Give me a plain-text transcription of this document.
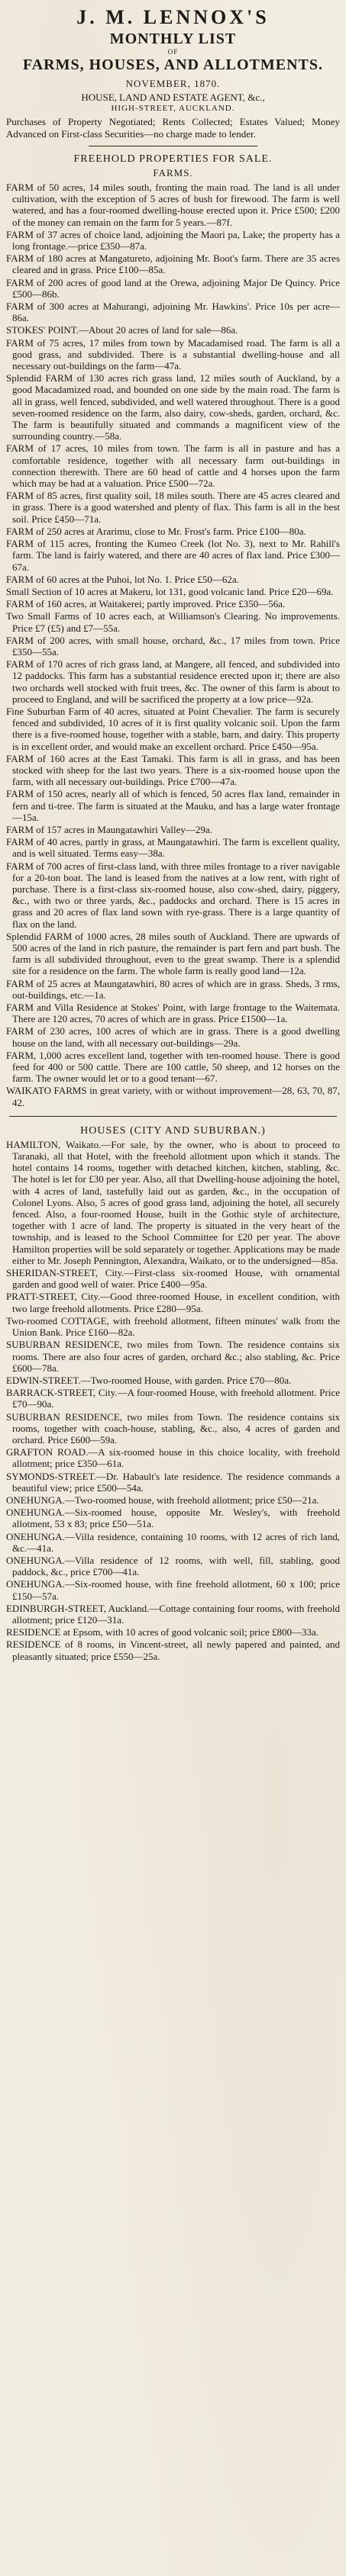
J. M. LENNOX'S
MONTHLY LIST
OF
FARMS, HOUSES, AND ALLOTMENTS.
NOVEMBER, 1870.
HOUSE, LAND AND ESTATE AGENT, &c.,
HIGH-STREET, AUCKLAND.

Purchases of Property Negotiated; Rents Collected; Estates Valued; Money Advanced on First-class Securities—no charge made to lender.

FREEHOLD PROPERTIES FOR SALE.
FARMS.
FARM of 50 acres, 14 miles south, fronting the main road. The land is all under cultivation, with the exception of 5 acres of bush for firewood. The farm is well watered, and has a four-roomed dwelling-house erected upon it. Price £500; £200 of the money can remain on the farm for 5 years.—87f.
FARM of 37 acres of choice land, adjoining the Maori pa, Lake; the property has a long frontage.—price £350—87a.
FARM of 180 acres at Mangatureto, adjoining Mr. Boot's farm. There are 35 acres cleared and in grass. Price £100—85a.
FARM of 200 acres of good land at the Orewa, adjoining Major De Quincy. Price £500—86b.
FARM of 300 acres at Mahurangi, adjoining Mr. Hawkins'. Price 10s per acre—86a.
STOKES' POINT.—About 20 acres of land for sale—86a.
FARM of 75 acres, 17 miles from town by Macadamised road. The farm is all a good grass, and subdivided. There is a substantial dwelling-house and all necessary out-buildings on the farm—47a.
Splendid FARM of 130 acres rich grass land, 12 miles south of Auckland, by a good Macadamized road, and bounded on one side by the main road. The farm is all in grass, well fenced, subdivided, and well watered throughout. There is a good seven-roomed residence on the farm, also dairy, cow-sheds, garden, orchard, &c. The farm is beautifully situated and commands a magnificent view of the surrounding country.—58a.
FARM of 17 acres, 10 miles from town. The farm is all in pasture and has a comfortable residence, together with all necessary farm out-buildings in connection therewith. There are 60 head of cattle and 4 horses upon the farm which may be had at a valuation. Price £500—72a.
FARM of 85 acres, first quality soil, 18 miles south. There are 45 acres cleared and in grass. There is a good watershed and plenty of flax. This farm is all in the best soil. Price £450—71a.
FARM of 250 acres at Ararimu, close to Mr. Frost's farm. Price £100—80a.
FARM of 115 acres, fronting the Kumeo Creek (lot No. 3), next to Mr. Rahill's farm. The land is fairly watered, and there are 40 acres of flax land. Price £300—67a.
FARM of 60 acres at the Puhoi, lot No. 1. Price £50—62a.
Small Section of 10 acres at Makeru, lot 131, good volcanic land. Price £20—69a.
FARM of 160 acres, at Waitakerei; partly improved. Price £350—56a.
Two Small Farms of 10 acres each, at Williamson's Clearing. No improvements. Price £7 (£5) and £7—55a.
FARM of 200 acres, with small house, orchard, &c., 17 miles from town. Price £350—55a.
FARM of 170 acres of rich grass land, at Mangere, all fenced, and subdivided into 12 paddocks. This farm has a substantial residence erected upon it; there are also two orchards well stocked with fruit trees, &c. The owner of this farm is about to proceed to England, and will be sacrificed the property at a low price—92a.
Fine Suburban Farm of 40 acres, situated at Point Chevalier. The farm is securely fenced and subdivided, 10 acres of it is first quality volcanic soil. Upon the farm there is a five-roomed house, together with a stable, barn, and dairy. This property is in excellent order, and would make an excellent orchard. Price £450—95a.
FARM of 160 acres at the East Tamaki. This farm is all in grass, and has been stocked with sheep for the last two years. There is a six-roomed house upon the farm, with all necessary out-buildings. Price £700—47a.
FARM of 150 acres, nearly all of which is fenced, 50 acres flax land, remainder in fern and ti-tree. The farm is situated at the Mauku, and has a large water frontage—15a.
FARM of 157 acres in Maungatawhiri Valley—29a.
FARM of 40 acres, partly in grass, at Maungatawhiri. The farm is excellent quality, and is well situated. Terms easy—38a.
FARM of 700 acres of first-class land, with three miles frontage to a river navigable for a 20-ton boat. The land is leased from the natives at a low rent, with right of purchase. There is a first-class six-roomed house, also cow-shed, dairy, piggery, &c., with two or three yards, &c., paddocks and orchard. There is 15 acres in grass and 20 acres of flax land sown with rye-grass. There is a large quantity of flax on the land.
Splendid FARM of 1000 acres, 28 miles south of Auckland. There are upwards of 500 acres of the land in rich pasture, the remainder is part fern and part bush. The farm is all subdivided throughout, even to the great swamp. There is a splendid site for a residence on the farm. The whole farm is really good land—12a.
FARM of 25 acres at Maungatawhiri, 80 acres of which are in grass. Sheds, 3 rms, out-buildings, etc.—1a.
FARM and Villa Residence at Stokes' Point, with large frontage to the Waitemata. There are 120 acres, 70 acres of which are in grass. Price £1500—1a.
FARM of 230 acres, 100 acres of which are in grass. There is a good dwelling house on the land, with all necessary out-buildings—29a.
FARM, 1,000 acres excellent land, together with ten-roomed house. There is good feed for 400 or 500 cattle. There are 100 cattle, 50 sheep, and 12 horses on the farm. The owner would let or to a good tenant—67.
WAIKATO FARMS in great variety, with or without improvement—28, 63, 70, 87, 42.
HOUSES (CITY AND SUBURBAN.)
HAMILTON, Waikato.—For sale, by the owner, who is about to proceed to Taranaki, all that Hotel, with the freehold allotment upon which it stands. The hotel contains 14 rooms, together with detached kitchen, kitchen, stabling, &c. The hotel is let for £30 per year. Also, all that Dwelling-house adjoining the hotel, with 4 acres of land, tastefully laid out as garden, &c., in the occupation of Colonel Lyons. Also, 5 acres of good grass land, adjoining the hotel, all securely fenced. Also, a four-roomed House, built in the Gothic style of architecture, together with 1 acre of land. The property is situated in the very heart of the township, and is leased to the School Committee for £20 per year. The above Hamilton properties will be sold separately or together. Applications may be made either to Mr. Joseph Pennington, Alexandra, Waikato, or to the undersigned—85a.
SHERIDAN-STREET, City.—First-class six-roomed House, with ornamental garden and good well of water. Price £400—95a.
PRATT-STREET, City.—Good three-roomed House, in excellent condition, with two large freehold allotments. Price £280—95a.
Two-roomed COTTAGE, with freehold allotment, fifteen minutes' walk from the Union Bank. Price £160—82a.
SUBURBAN RESIDENCE, two miles from Town. The residence contains six rooms. There are also four acres of garden, orchard &c.; also stabling, &c. Price £600—78a.
EDWIN-STREET.—Two-roomed House, with garden. Price £70—80a.
BARRACK-STREET, City.—A four-roomed House, with freehold allotment. Price £70—90a.
SUBURBAN RESIDENCE, two miles from Town. The residence contains six rooms, together with coach-house, stabling, &c., also, 4 acres of garden and orchard. Price £600—59a.
GRAFTON ROAD.—A six-roomed house in this choice locality, with freehold allotment; price £350—61a.
SYMONDS-STREET.—Dr. Habault's late residence. The residence commands a beautiful view; price £500—54a.
ONEHUNGA.—Two-roomed house, with freehold allotment; price £50—21a.
ONEHUNGA.—Six-roomed house, opposite Mr. Wesley's, with freehold allotment, 53 x 83; price £50—51a.
ONEHUNGA.—Villa residence, containing 10 rooms, with 12 acres of rich land, &c.—41a.
ONEHUNGA.—Villa residence of 12 rooms, with well, fill, stabling, good paddock, &c., price £700—41a.
ONEHUNGA.—Six-roomed house, with fine freehold allotment, 60 x 100; price £150—57a.
EDINBURGH-STREET, Auckland.—Cottage containing four rooms, with freehold allotment; price £120—31a.
RESIDENCE at Epsom, with 10 acres of good volcanic soil; price £800—33a.
RESIDENCE of 8 rooms, in Vincent-street, all newly papered and painted, and pleasantly situated; price £550—25a.
